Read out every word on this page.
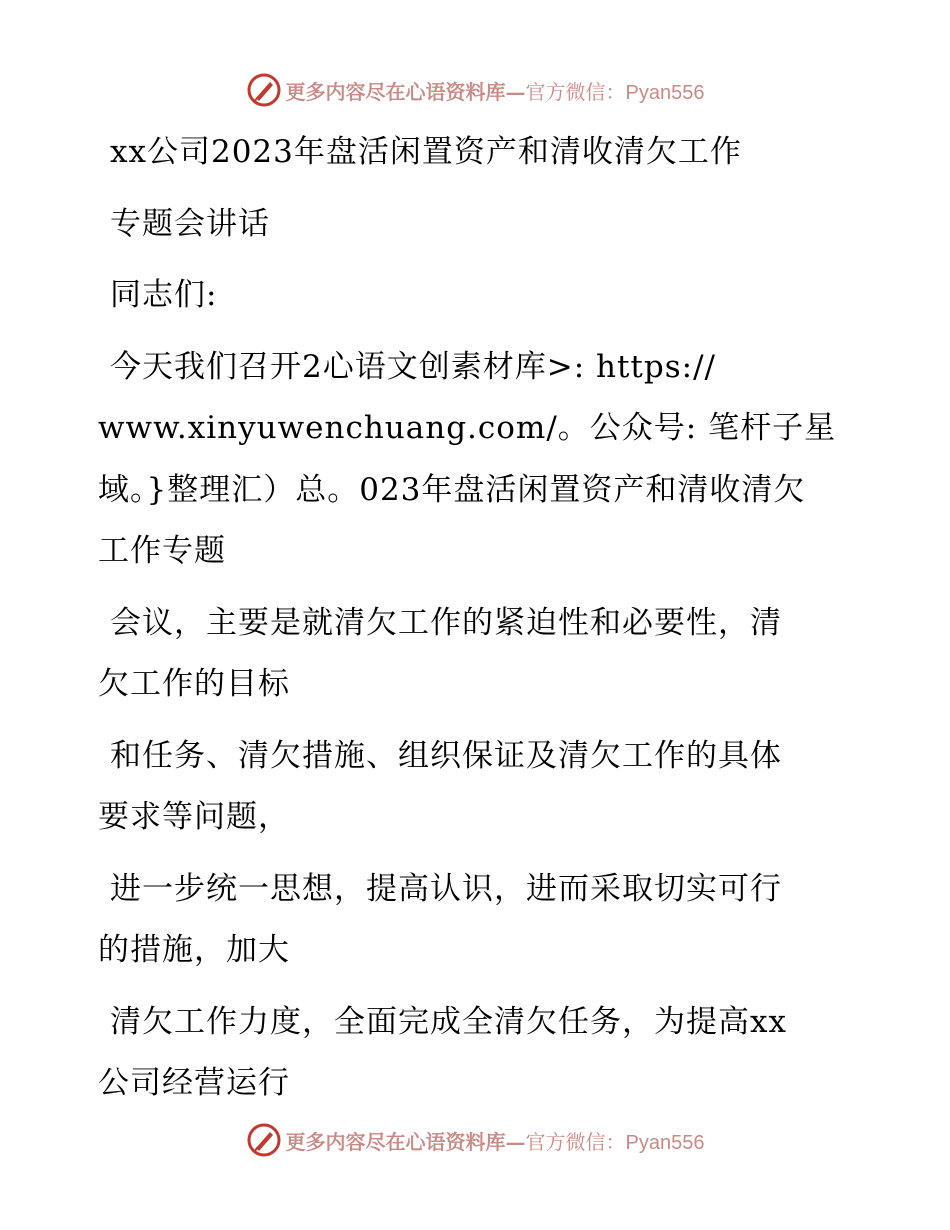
更多内容尽在心语资料库— 官方微信：Pyan556

xx公司2023年盘活闲置资产和清收清欠工作

专题会讲话

同志们:

今天我们召开2心语文创素材库>: https://

www.xinyuwenchuang.com/。公众号: 笔杆子星

域。}整理汇）总。023年盘活闲置资产和清收清欠

工作专题

会议，主要是就清欠工作的紧迫性和必要性，清

欠工作的目标

和任务、清欠措施、组织保证及清欠工作的具体

要求等问题，

进一步统一思想，提高认识，进而采取切实可行

的措施，加大

清欠工作力度，全面完成全清欠任务，为提高xx

公司经营运行

更多内容尽在心语资料库— 官方微信：Pyan556
